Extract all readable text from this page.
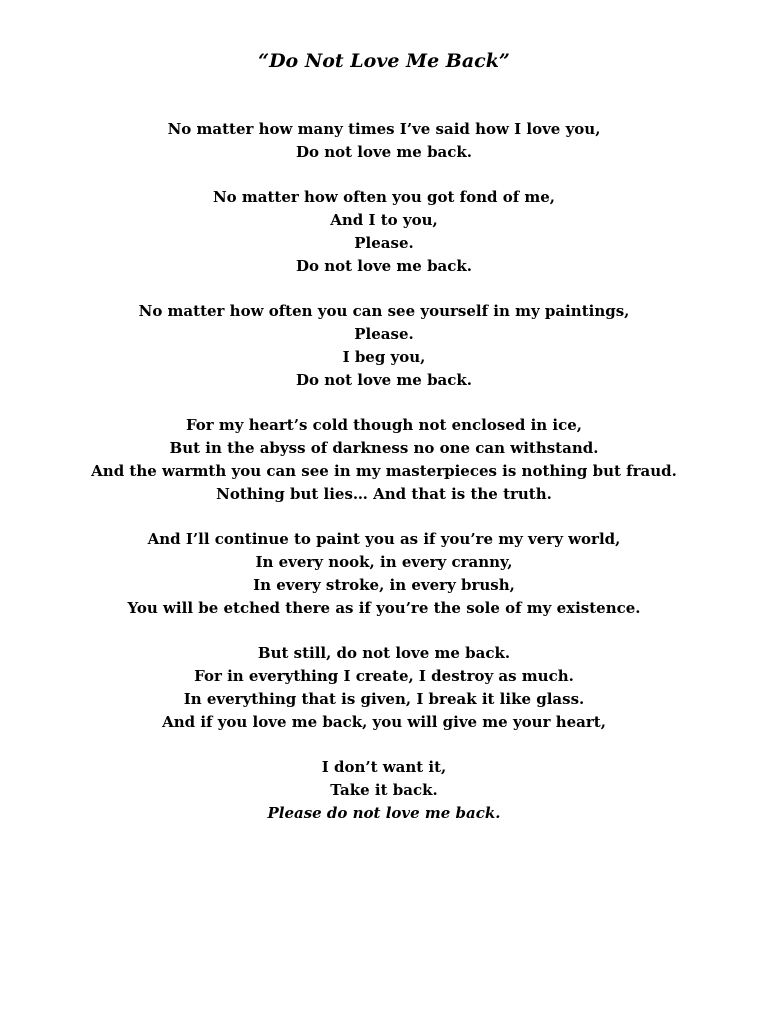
“Do Not Love Me Back”
No matter how many times I’ve said how I love you,
Do not love me back.
No matter how often you got fond of me,
And I to you,
Please.
Do not love me back.
No matter how often you can see yourself in my paintings,
Please.
I beg you,
Do not love me back.
For my heart’s cold though not enclosed in ice,
But in the abyss of darkness no one can withstand.
And the warmth you can see in my masterpieces is nothing but fraud.
Nothing but lies… And that is the truth.
And I’ll continue to paint you as if you’re my very world,
In every nook, in every cranny,
In every stroke, in every brush,
You will be etched there as if you’re the sole of my existence.
But still, do not love me back.
For in everything I create, I destroy as much.
In everything that is given, I break it like glass.
And if you love me back, you will give me your heart,
I don’t want it,
Take it back.
Please do not love me back.
